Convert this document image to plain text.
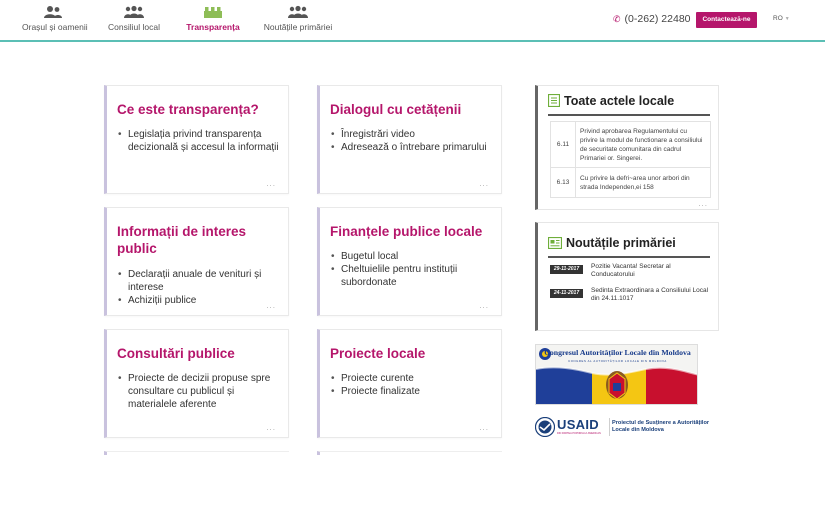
Orașul și oamenii Consiliul local	Transparența	Noutățile primăriei
✆ (0-262) 22480	Contactează-ne	RO ▼
Ce este transparența?
• Legislația privind transparența decizională și accesul la informații
...
Dialogul cu cetățenii
• Înregistrări video
• Adresează o întrebare primarului
...
Informații de interes public
• Declarații anuale de venituri și interese
• Achiziții publice	...
Finanțele publice locale
• Bugetul local
• Cheltuielile pentru instituții subordonate
...
Consultări publice
• Proiecte de decizii propuse spre consultare cu publicul și materialele aferente
...
Proiecte locale
• Proiecte curente
• Proiecte finalizate
...
Toate actele locale
6.11	Privind aprobarea Regulamentului cu privire la modul de functionare a consiliului de securitate comunitara din cadrul Primariei or. Singerei.
6.13	Cu privire la defri~area unor arbori din strada Independen,ei 158
...
Noutățile primăriei
29-11-2017	Pozitie Vacanta! Secretar al Conducatorului
24-11-2017	Sedinta Extraordinara a Consiliului Local din 24.11.1017
Congresul Autorităților Locale din Moldova
CONGRES AL AUTORITĂȚILOR LOCALE DIN MOLDOVA
USAID
DIN PARTEA POPORULUI AMERICAN
Proiectul de Susținere a Autorităților Locale din Moldova
